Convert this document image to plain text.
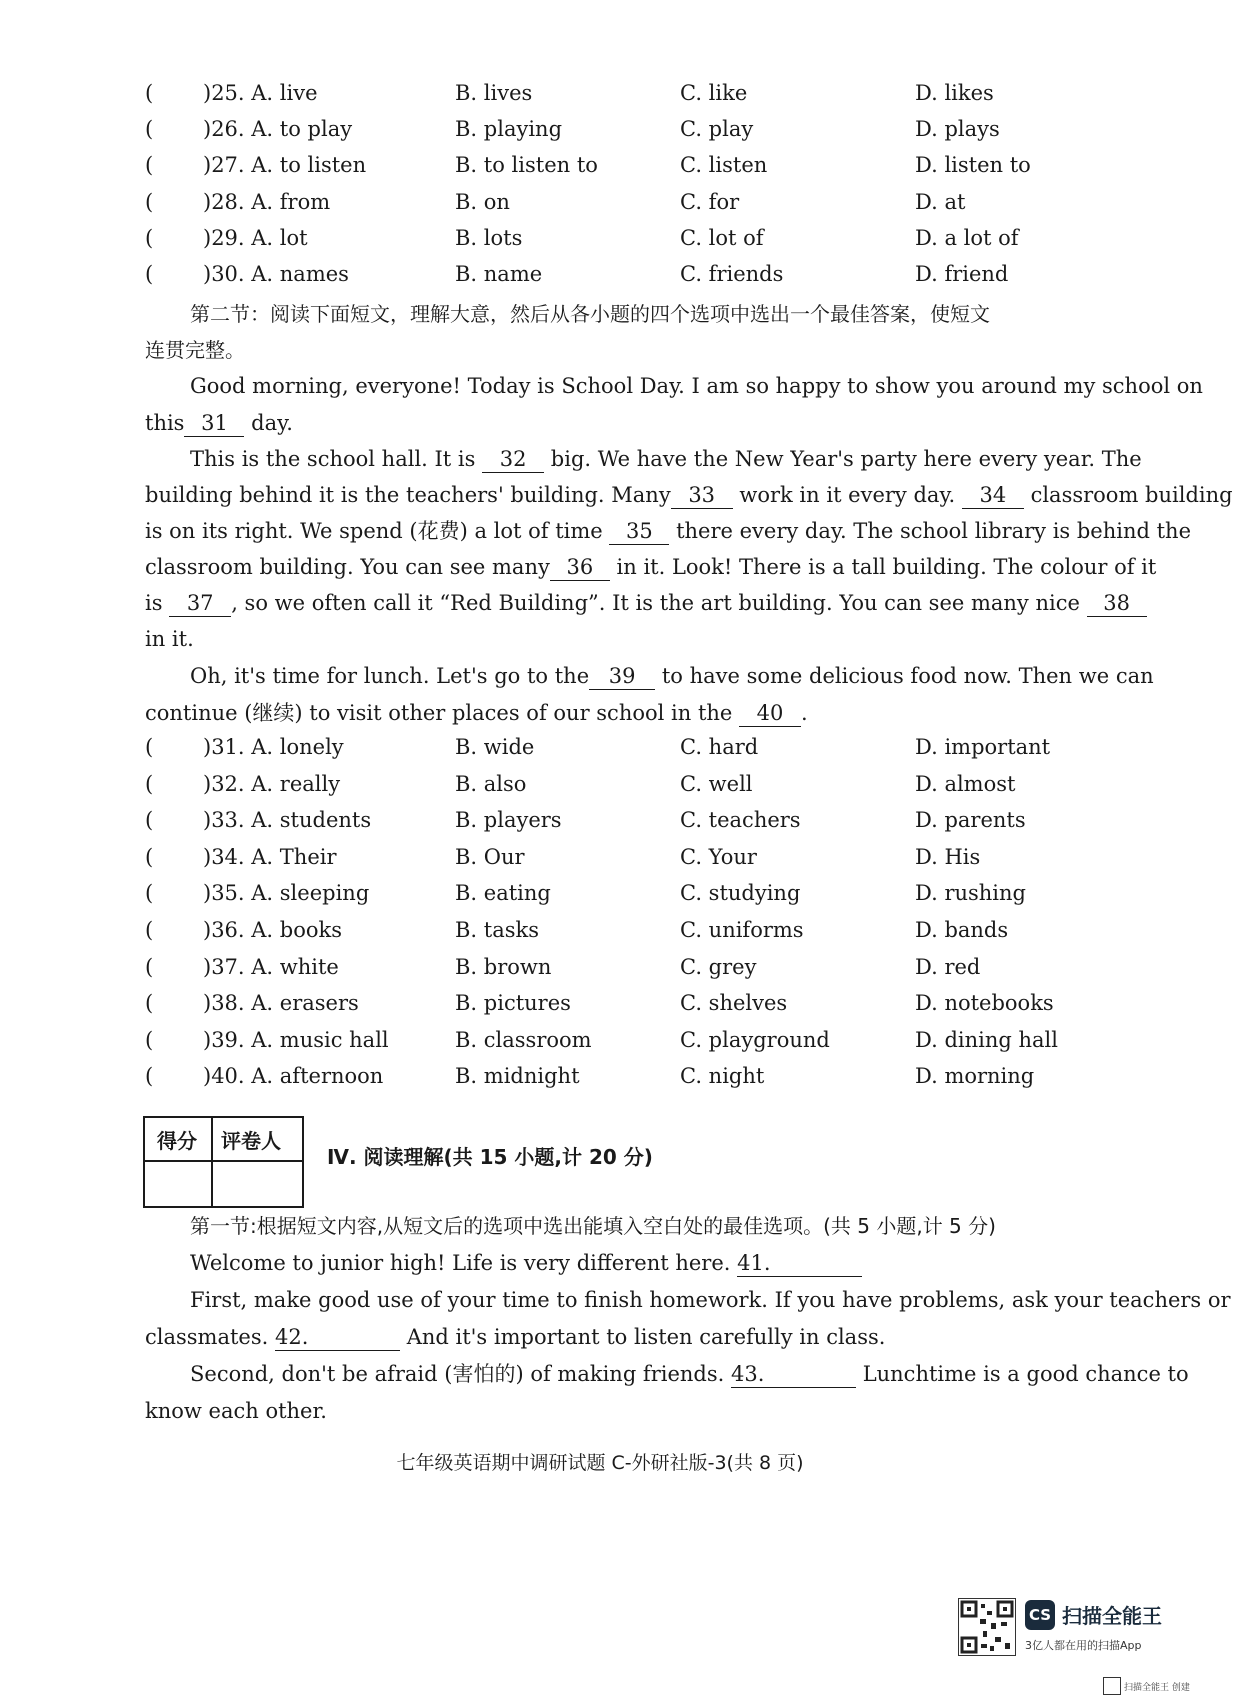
( )25. A. live	B. lives	C. like	D. likes
( )26. A. to play	B. playing	C. play	D. plays
( )27. A. to listen	B. to listen to	C. listen	D. listen to
( )28. A. from	B. on	C. for	D. at
( )29. A. lot	B. lots	C. lot of	D. a lot of
( )30. A. names	B. name	C. friends	D. friend
第二节：阅读下面短文，理解大意，然后从各小题的四个选项中选出一个最佳答案，使短文
连贯完整。
Good morning, everyone! Today is School Day. I am so happy to show you around my school on
this 31 day.
This is the school hall. It is 32 big. We have the New Year's party here every year. The
building behind it is the teachers' building. Many 33 work in it every day. 34 classroom building
is on its right. We spend (花费) a lot of time 35 there every day. The school library is behind the
classroom building. You can see many 36 in it. Look! There is a tall building. The colour of it
is 37 , so we often call it “Red Building”. It is the art building. You can see many nice 38
in it.
Oh, it's time for lunch. Let's go to the 39 to have some delicious food now. Then we can
continue (继续) to visit other places of our school in the 40 .
( )31. A. lonely	B. wide	C. hard	D. important
( )32. A. really	B. also	C. well	D. almost
( )33. A. students	B. players	C. teachers	D. parents
( )34. A. Their	B. Our	C. Your	D. His
( )35. A. sleeping	B. eating	C. studying	D. rushing
( )36. A. books	B. tasks	C. uniforms	D. bands
( )37. A. white	B. brown	C. grey	D. red
( )38. A. erasers	B. pictures	C. shelves	D. notebooks
( )39. A. music hall	B. classroom	C. playground	D. dining hall
( )40. A. afternoon	B. midnight	C. night	D. morning
得分 评卷人
Ⅳ. 阅读理解(共 15 小题,计 20 分)
第一节:根据短文内容,从短文后的选项中选出能填入空白处的最佳选项。(共 5 小题,计 5 分)
Welcome to junior high! Life is very different here. 41.
First, make good use of your time to finish homework. If you have problems, ask your teachers or
classmates. 42.	And it's important to listen carefully in class.
Second, don't be afraid (害怕的) of making friends. 43.	Lunchtime is a good chance to
know each other.
七年级英语期中调研试题 C-外研社版-3(共 8 页)
CS 扫描全能王
3亿人都在用的扫描App
扫描全能王 创建
